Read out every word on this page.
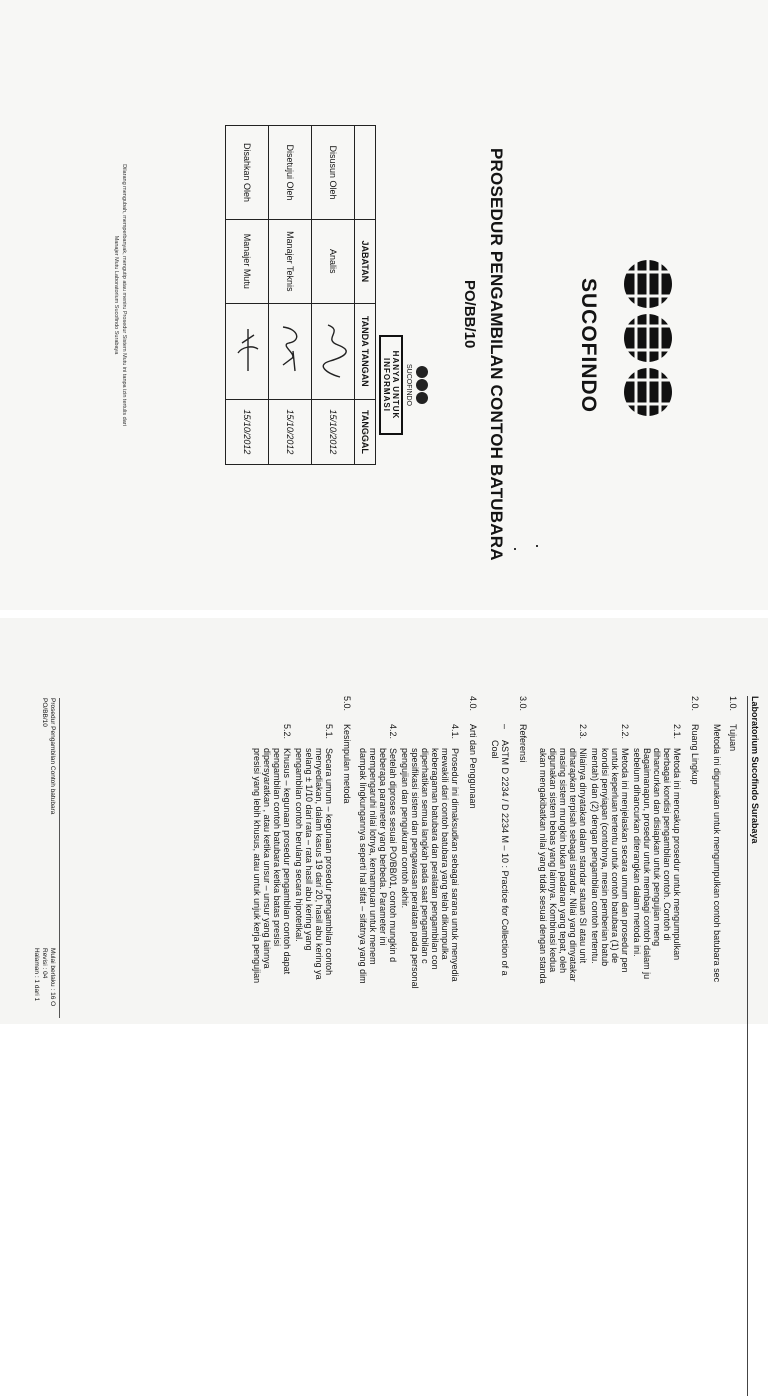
SUCOFINDO
PROSEDUR PENGAMBILAN CONTOH BATUBARA
PO/BB/10
SUCOFINDO
HANYA UNTUK INFORMASI
	JABATAN	TANDA TANGAN	TANGGAL
Disusun Oleh	Analis		15/10/2012
Disetujui Oleh	Manajer Teknis		15/10/2012
Disahkan Oleh	Manajer Mutu		15/10/2012
Dilarang mengubah, memperbanyak, mengutip atau meniru Prosedur Sistem Mutu ini tanpa izin tertulis dari
Manajer Mutu Laboratorium Sucofindo Surabaya
Laboratorium Sucofindo Surabaya
1.0.Tujuan
Metoda ini digunakan untuk mengumpulkan contoh batubara sec
2.0.Ruang Lingkup
2.1.
Metoda ini mencakup prosedur untuk mengumpulkan
berbagai kondisi pengambilan contoh. Contoh di
dihancurkan dan disiapkan untuk pengujian meng
Bagaimanapun, prosedur untuk membagi contoh dalam ju
sebelum dihancurkan diterangkan dalam metoda ini.
2.2.
Metoda ini menjelaskan secara umum dan prosedur pen
untuk keperluan tertentu untuk contoh batubara (1) de
kondisi penyiapan (contohnya, mesin pemberian batub
mentah) dan (2) dengan pengambilan contoh tertentu.
2.3.
Nilainya dinyatakan dalam standar satuan SI atau unit
diharapkan terpisah sebagai standar. Nilai yang dinyatakar
masing sistem mungkin bukan padanan yang tepat, oleh
digunakan sistem bebas yang lainnya. Kombinasi kedua
akan mengakibatkan nilai yang tidak sesuai dengan standa
3.0.Referensi
–
ASTM D 2234 / D 2234 M – 10 : Practice for Collection of a
Coal
4.0.Arti dan Penggunaan
4.1.
Prosedur ini dimaksudkan sebagai sarana untuk menyedia
mewakili dari contoh batubara yang telah dikumpulka
keberagaman batubara dan peralatan pengambilan con
diperhatikan semua langkah pada saat pengambilan c
spesifikasi sistem dan pengawasan peralatan pada personal
pengujian dan pengukuran contoh akhir.
4.2.
Setelah diproses sesuai PO/BB/01, contoh mungkin d
beberapa parameter yang berbeda. Parameter ini
mempengaruhi nilai lotnya, kemampuan untuk menem
dampak lingkungannya seperti hal sifat – sifatnya yang dim
5.0.Kesimpulan metoda
5.1.
Secara umum – kegunaan prosedur pengambilan contoh
menyediakan, dalam kasus 19 dari 20, hasil abu kering ya
selang ± 1/10 dari rata – rata hasil abu kering yang
pengambilan contoh berulang secara hipotetikal.
5.2.
Khusus – kegunaan prosedur pengambilan contoh dapat
pengambilan contoh batubara ketika batas presisi
dipersyaratkan , atau ketika unsur – unsur yang lainnya
presisi yang lebih khusus, atau untuk unjuk kerja pengujian
Prosedur Pengambilan Contoh batubara
PO/BB/10
Mulai berlaku : 16 O
Revisi : 04
Halaman : 1 dari 1
